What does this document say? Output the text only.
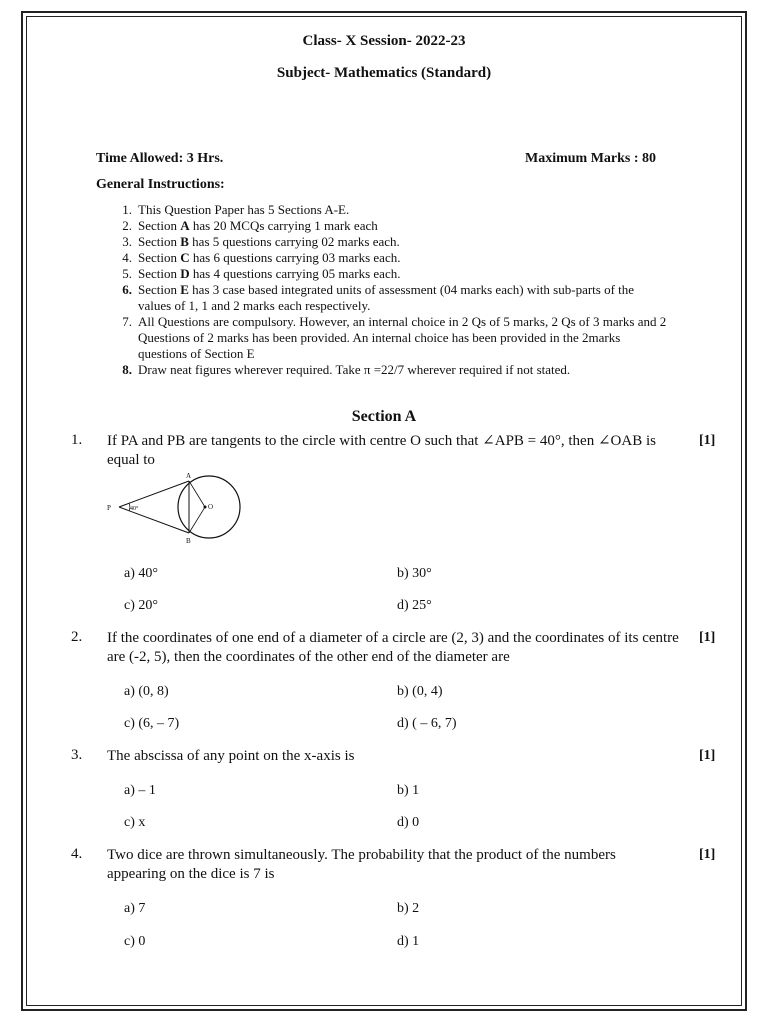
Class- X Session- 2022-23
Subject- Mathematics (Standard)
Time Allowed: 3 Hrs.	Maximum Marks : 80
General Instructions:
1. This Question Paper has 5 Sections A-E.
2. Section A has 20 MCQs carrying 1 mark each
3. Section B has 5 questions carrying 02 marks each.
4. Section C has 6 questions carrying 03 marks each.
5. Section D has 4 questions carrying 05 marks each.
6. Section E has 3 case based integrated units of assessment (04 marks each) with sub-parts of the values of 1, 1 and 2 marks each respectively.
7. All Questions are compulsory. However, an internal choice in 2 Qs of 5 marks, 2 Qs of 3 marks and 2 Questions of 2 marks has been provided. An internal choice has been provided in the 2marks questions of Section E
8. Draw neat figures wherever required. Take π =22/7 wherever required if not stated.
Section A
1. If PA and PB are tangents to the circle with centre O such that ∠APB = 40°, then ∠OAB is equal to
[1]
P
A
B
O
40°
a) 40°	b) 30°
c) 20°	d) 25°
2. If the coordinates of one end of a diameter of a circle are (2, 3) and the coordinates of its centre are (-2, 5), then the coordinates of the other end of the diameter are
[1]
a) (0, 8)	b) (0, 4)
c) (6, – 7)	d) ( – 6, 7)
3. The abscissa of any point on the x-axis is	[1]
a) – 1	b) 1
c) x	d) 0
4. Two dice are thrown simultaneously. The probability that the product of the numbers appearing on the dice is 7 is
[1]
a) 7	b) 2
c) 0	d) 1
